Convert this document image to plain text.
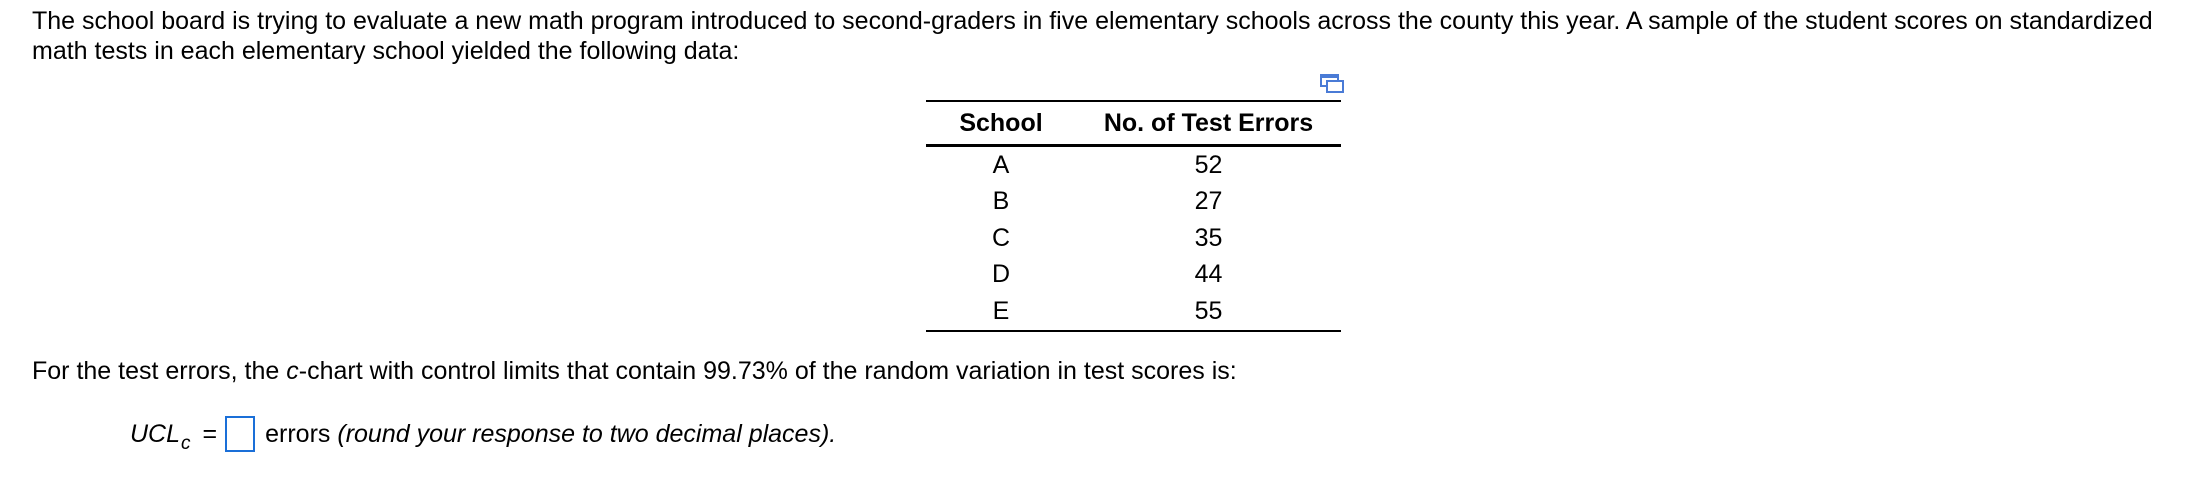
The school board is trying to evaluate a new math program introduced to second-graders in five elementary schools across the county this year. A sample of the student scores on standardized math tests in each elementary school yielded the following data:
School	No. of Test Errors
A	52
B	27
C	35
D	44
E	55
For the test errors, the c-chart with control limits that contain 99.73% of the random variation in test scores is:
UCL c = errors
(round your response to two decimal places).
